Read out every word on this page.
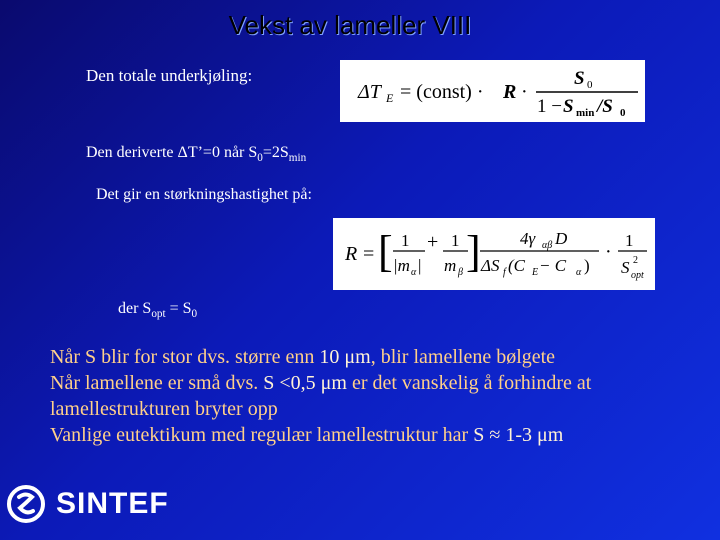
Vekst av lameller VIII
Den totale underkjøling:
ΔT E = (const) · R ·
S 0
1 − S min /S 0
Den deriverte ΔT’=0 når $S_0=2S_{min}$
Det gir en størkningshastighet på:
R = [ 1
|m α |
+ 1
m β ] 4γ αβ D
ΔS f (C E − C α )
·
1
S 2
opt
der $S_{opt} = S_0$
Når S blir for stor dvs. større enn 10 μm, blir lamellene bølgete
Når lamellene er små dvs. S <0,5 μm er det vanskelig å forhindre at
lamellestrukturen bryter opp
Vanlige eutektikum med regulær lamellestruktur har S ≈ 1-3 μm
SINTEF
